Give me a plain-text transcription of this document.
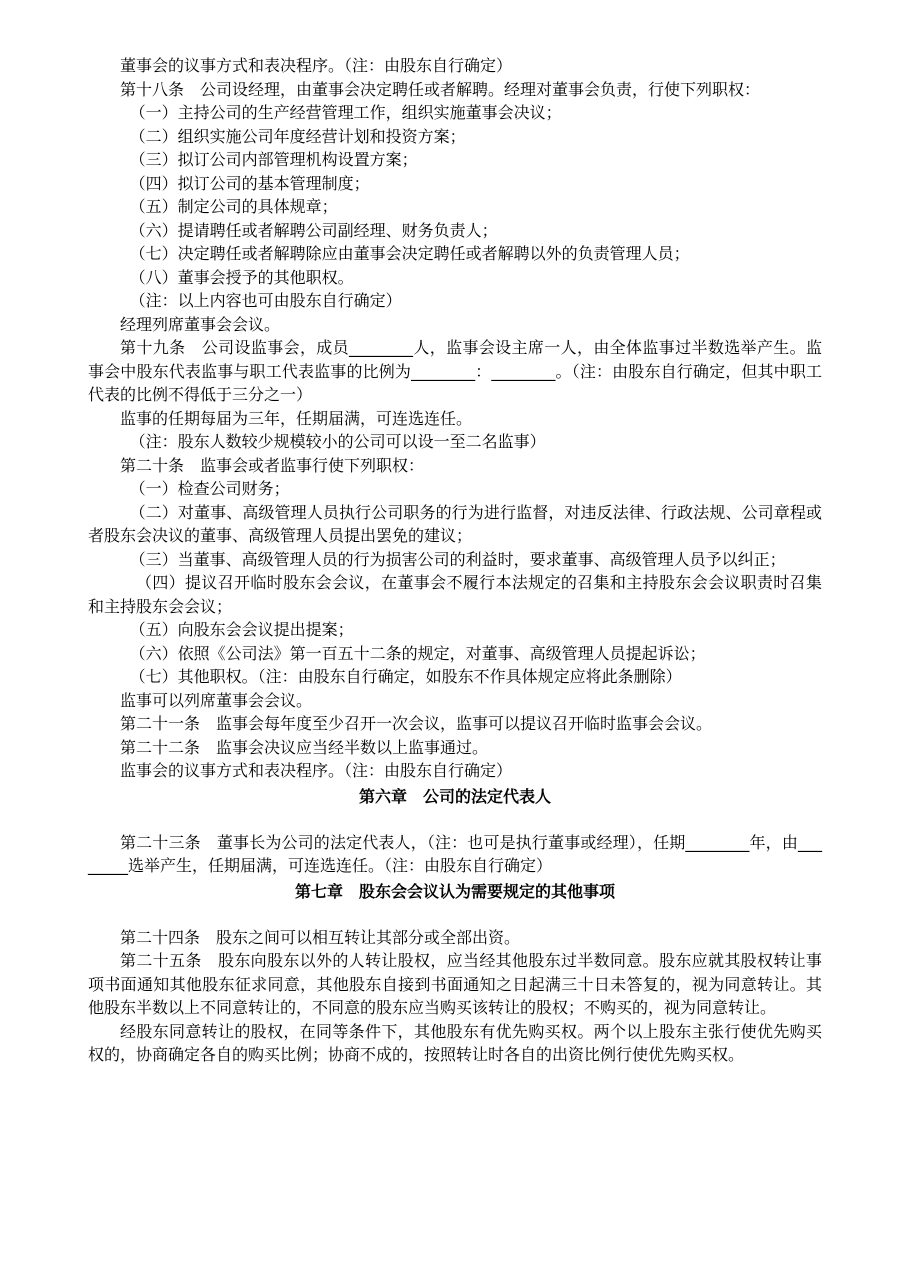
董事会的议事方式和表决程序。（注：由股东自行确定）

第十八条　公司设经理，由董事会决定聘任或者解聘。经理对董事会负责，行使下列职权：

（一）主持公司的生产经营管理工作，组织实施董事会决议；

（二）组织实施公司年度经营计划和投资方案；

（三）拟订公司内部管理机构设置方案；

（四）拟订公司的基本管理制度；

（五）制定公司的具体规章；

（六）提请聘任或者解聘公司副经理、财务负责人；

（七）决定聘任或者解聘除应由董事会决定聘任或者解聘以外的负责管理人员；

（八）董事会授予的其他职权。

（注：以上内容也可由股东自行确定）

经理列席董事会会议。

第十九条　公司设监事会，成员________人，监事会设主席一人，由全体监事过半数选举产生。监事会中股东代表监事与职工代表监事的比例为________：________。（注：由股东自行确定，但其中职工代表的比例不得低于三分之一）

监事的任期每届为三年，任期届满，可连选连任。

（注：股东人数较少规模较小的公司可以设一至二名监事）

第二十条　监事会或者监事行使下列职权：

（一）检查公司财务；

（二）对董事、高级管理人员执行公司职务的行为进行监督，对违反法律、行政法规、公司章程或者股东会决议的董事、高级管理人员提出罢免的建议；

（三）当董事、高级管理人员的行为损害公司的利益时，要求董事、高级管理人员予以纠正；

（四）提议召开临时股东会会议，在董事会不履行本法规定的召集和主持股东会会议职责时召集和主持股东会会议；

（五）向股东会会议提出提案；

（六）依照《公司法》第一百五十二条的规定，对董事、高级管理人员提起诉讼；

（七）其他职权。（注：由股东自行确定，如股东不作具体规定应将此条删除）

监事可以列席董事会会议。

第二十一条　监事会每年度至少召开一次会议，监事可以提议召开临时监事会会议。

第二十二条　监事会决议应当经半数以上监事通过。

监事会的议事方式和表决程序。（注：由股东自行确定）

第六章　公司的法定代表人

第二十三条　董事长为公司的法定代表人，（注：也可是执行董事或经理），任期________年，由________选举产生，任期届满，可连选连任。（注：由股东自行确定）

第七章　股东会会议认为需要规定的其他事项

第二十四条　股东之间可以相互转让其部分或全部出资。

第二十五条　股东向股东以外的人转让股权，应当经其他股东过半数同意。股东应就其股权转让事项书面通知其他股东征求同意，其他股东自接到书面通知之日起满三十日未答复的，视为同意转让。其他股东半数以上不同意转让的，不同意的股东应当购买该转让的股权；不购买的，视为同意转让。

经股东同意转让的股权，在同等条件下，其他股东有优先购买权。两个以上股东主张行使优先购买权的，协商确定各自的购买比例；协商不成的，按照转让时各自的出资比例行使优先购买权。
